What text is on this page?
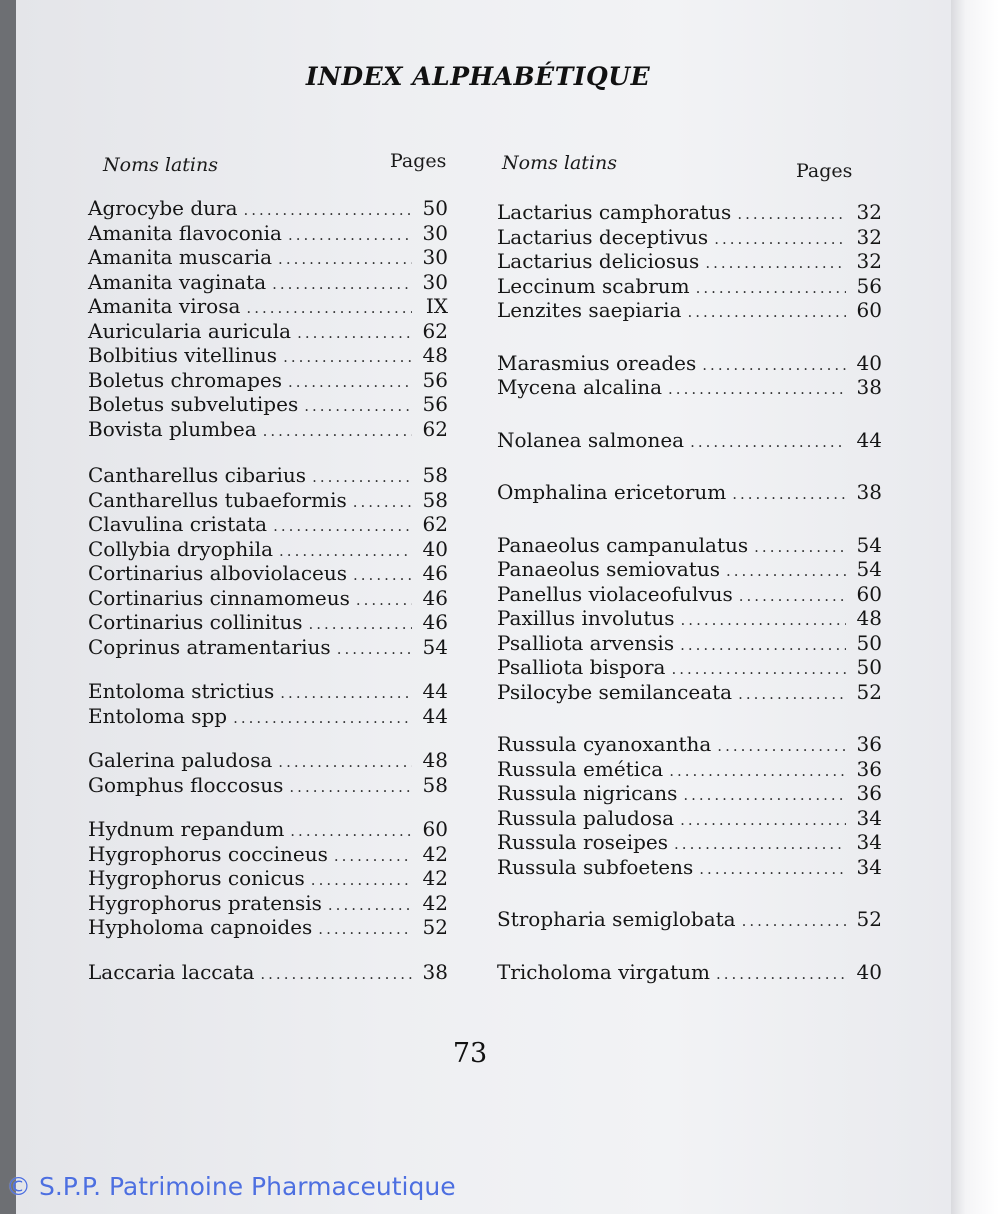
INDEX ALPHABÉTIQUE
Noms latins	Pages	Noms latins	Pages
Agrocybe dura .....	50
Amanita flavoconia .....	30
Amanita muscaria .....	30
Amanita vaginata .....	30
Amanita virosa .....	IX
Auricularia auricula .....	62
Bolbitius vitellinus .....	48
Boletus chromapes .....	56
Boletus subvelutipes .....	56
Bovista plumbea .....	62
Cantharellus cibarius .....	58
Cantharellus tubaeformis .....	58
Clavulina cristata .....	62
Collybia dryophila .....	40
Cortinarius alboviolaceus .....	46
Cortinarius cinnamomeus .....	46
Cortinarius collinitus .....	46
Coprinus atramentarius .....	54
Entoloma strictius .....	44
Entoloma spp .....	44
Galerina paludosa .....	48
Gomphus floccosus .....	58
Hydnum repandum .....	60
Hygrophorus coccineus .....	42
Hygrophorus conicus .....	42
Hygrophorus pratensis .....	42
Hypholoma capnoides .....	52
Laccaria laccata .....	38
Lactarius camphoratus .....	32
Lactarius deceptivus .....	32
Lactarius deliciosus .....	32
Leccinum scabrum .....	56
Lenzites saepiaria .....	60
Marasmius oreades .....	40
Mycena alcalina .....	38
Nolanea salmonea .....	44
Omphalina ericetorum .....	38
Panaeolus campanulatus .....	54
Panaeolus semiovatus .....	54
Panellus violaceofulvus .....	60
Paxillus involutus .....	48
Psalliota arvensis .....	50
Psalliota bispora .....	50
Psilocybe semilanceata .....	52
Russula cyanoxantha .....	36
Russula emética .....	36
Russula nigricans .....	36
Russula paludosa .....	34
Russula roseipes .....	34
Russula subfoetens .....	34
Stropharia semiglobata .....	52
Tricholoma virgatum .....	40
73
© S.P.P. Patrimoine Pharmaceutique
